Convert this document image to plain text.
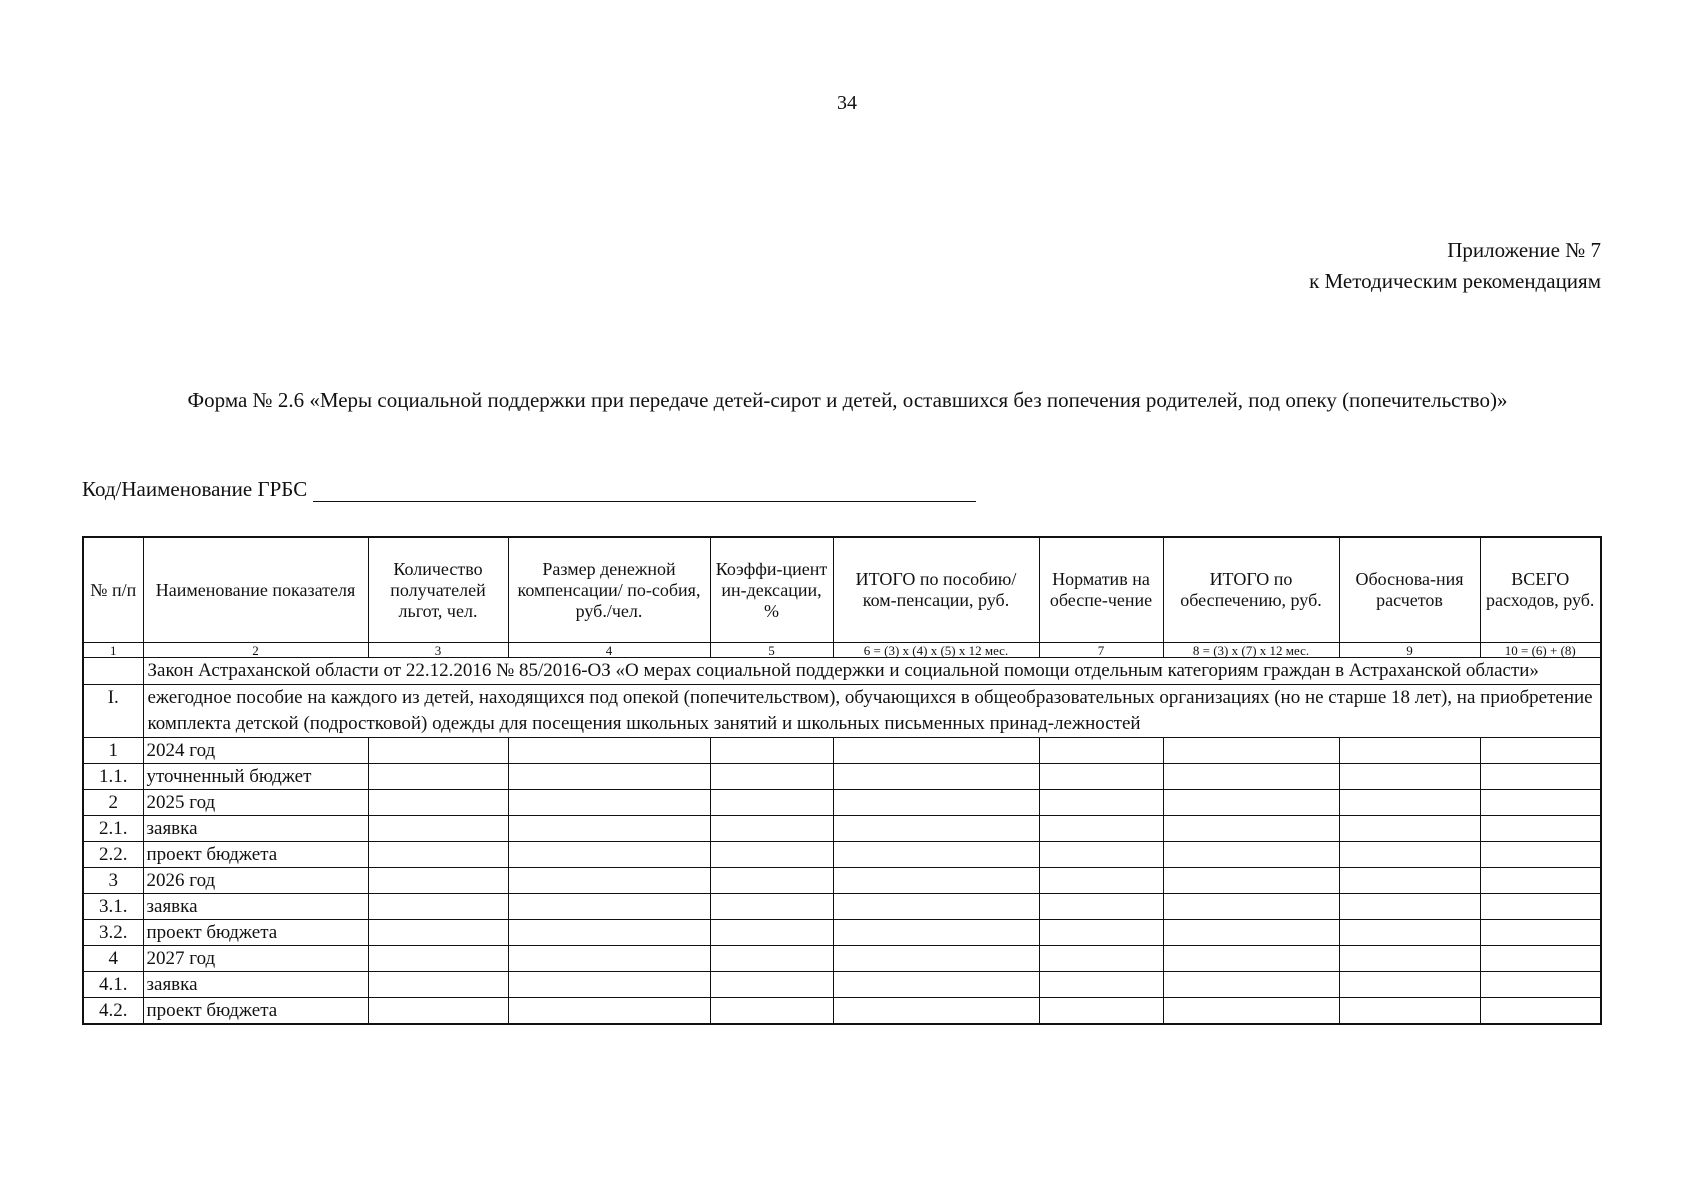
34
Приложение № 7
к Методическим рекомендациям
Форма № 2.6 «Меры социальной поддержки при передаче детей-сирот и детей, оставшихся без попечения родителей, под опеку (попечительство)»
Код/Наименование ГРБС
№ п/п	Наименование показателя	Количество получателей льгот, чел.	Размер денежной компенсации/ по-собия, руб./чел.	Коэффи-циент ин-дексации, %	ИТОГО по пособию/ ком-пенсации, руб.	Норматив на обеспе-чение	ИТОГО по обеспечению, руб.	Обоснова-ния расчетов	ВСЕГО расходов, руб.
1	2	3	4	5	6 = (3) х (4) х (5) х 12 мес.	7	8 = (3) х (7) х 12 мес.	9	10 = (6) + (8)
	Закон Астраханской области от 22.12.2016 № 85/2016-ОЗ «О мерах социальной поддержки и социальной помощи отдельным категориям граждан в Астраханской области»								
I.	ежегодное пособие на каждого из детей, находящихся под опекой (попечительством), обучающихся в общеобразовательных организациях (но не старше 18 лет), на приобретение комплекта детской (подростковой) одежды для посещения школьных занятий и школьных письменных принад-лежностей								
1	2024 год								
1.1.	уточненный бюджет								
2	2025 год								
2.1.	заявка								
2.2.	проект бюджета								
3	2026 год								
3.1.	заявка								
3.2.	проект бюджета								
4	2027 год								
4.1.	заявка								
4.2.	проект бюджета								
